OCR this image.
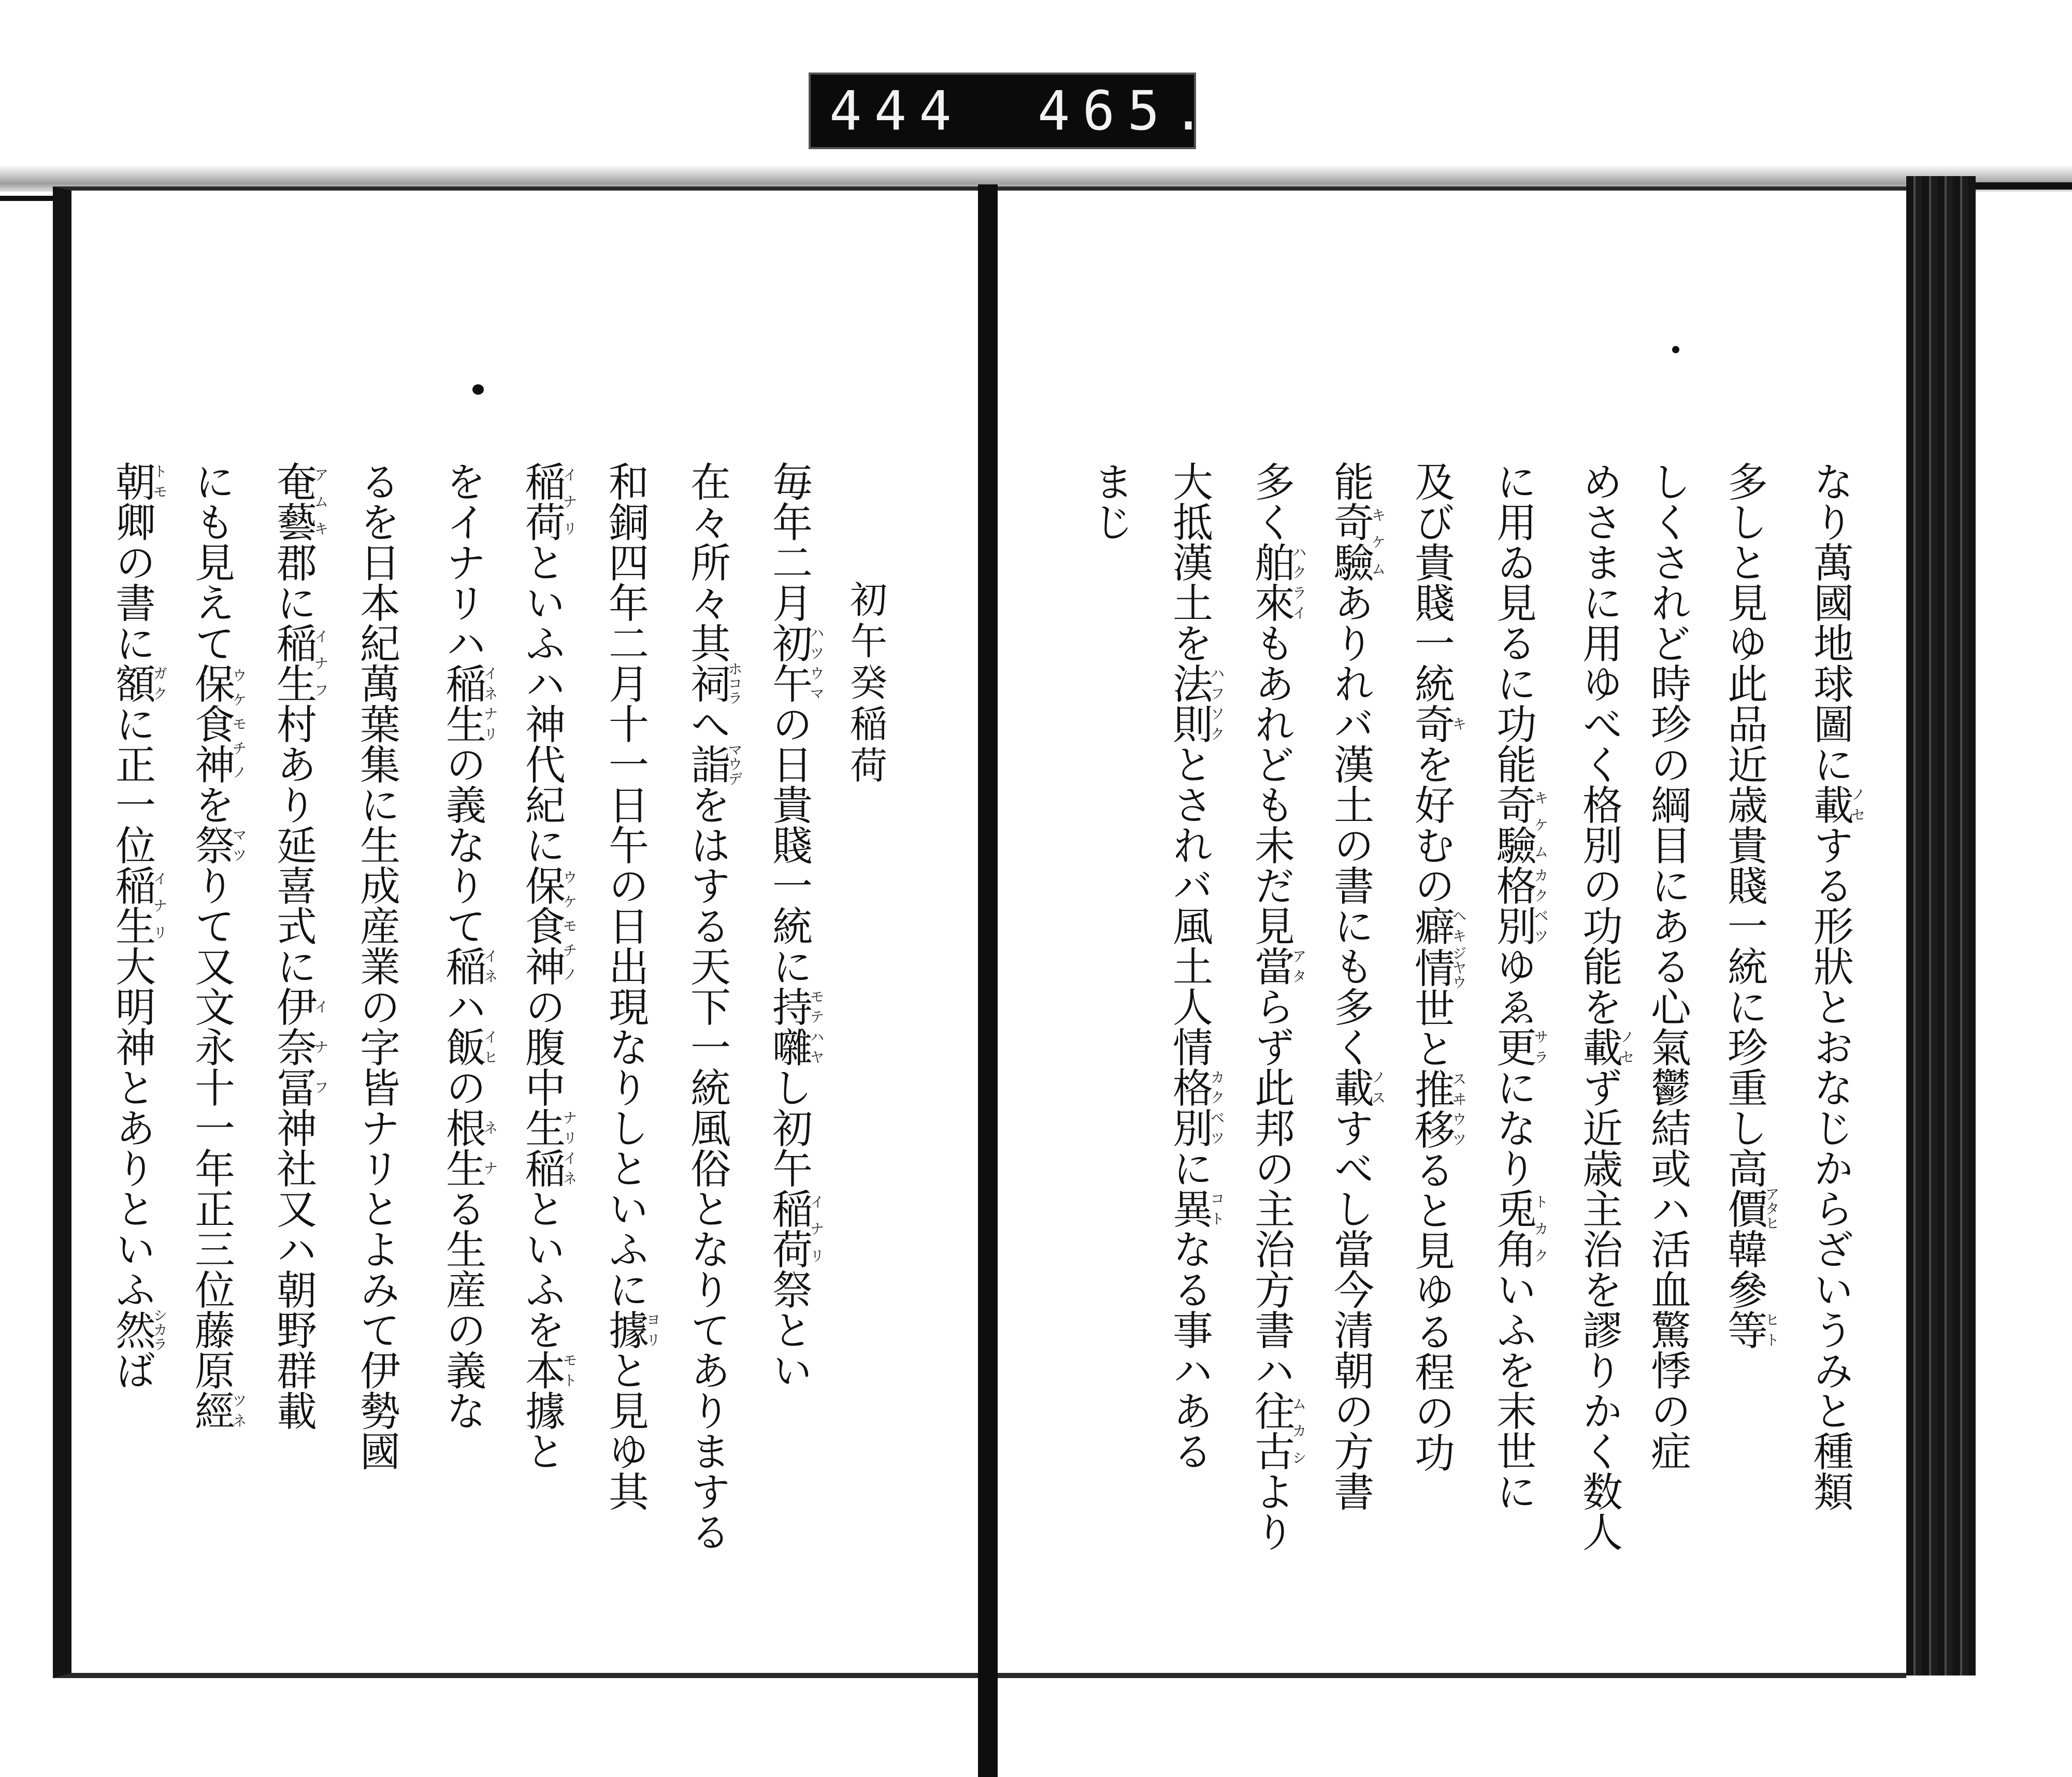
444 465.
初午癸稲荷
毎年二月初午ハツウマの日貴賤一統に持囃モテハヤし初午稲荷イナリ祭とい
在々所々其祠ホコラへ詣マウデをはする天下一統風俗となりてありまする
和銅四年二月十一日午の日出現なりしといふに據ヨリと見ゆ其
稲荷イナリといふハ神代紀に保食神ウケモチノの腹中生稲ナリイネといふを本モト據と
をイナリハ稲生イネナリの義なりて稲イネハ飯イヒの根ネ生ナる生産の義な
るを日本紀萬葉集に生成産業の字皆ナリとよみて伊勢國
奄藝アムキ郡に稲生イナフ村あり延喜式に伊奈冨イナフ神社又ハ朝野群載
にも見えて保食神ウケモチノを祭マツりて又文永十一年正三位藤原經ツネ
朝トモ卿の書に額ガクに正一位稲生イナリ大明神とありといふ然シカラば
なり萬國地球圖に載ノセする形狀とおなじからざいうみと種類
多しと見ゆ此品近歳貴賤一統に珍重し高價アタヒ韓參等ヒト
しくされど時珍の綱目にある心氣鬱結或ハ活血驚悸の症
めさまに用ゆべく格別の功能を載ノセず近歳主治を謬りかく数人
に用ゐ見るに功能奇驗キケム格別カクベツゆゑ更サラになり兎角トカクいふを末世に
及び貴賤一統奇キを好むの癖ヘキ情ジヤウ世と推移スヰウツると見ゆる程の功
能奇驗キケムありれバ漢土の書にも多く載ノスすべし當今清朝の方書
多く舶來ハクライもあれども未だ見當アタらず此邦の主治方書ハ往古ムカシより
大抵漢土を法則ハフソクとされバ風土人情格別カクベツに異コトなる事ハある
まじ
